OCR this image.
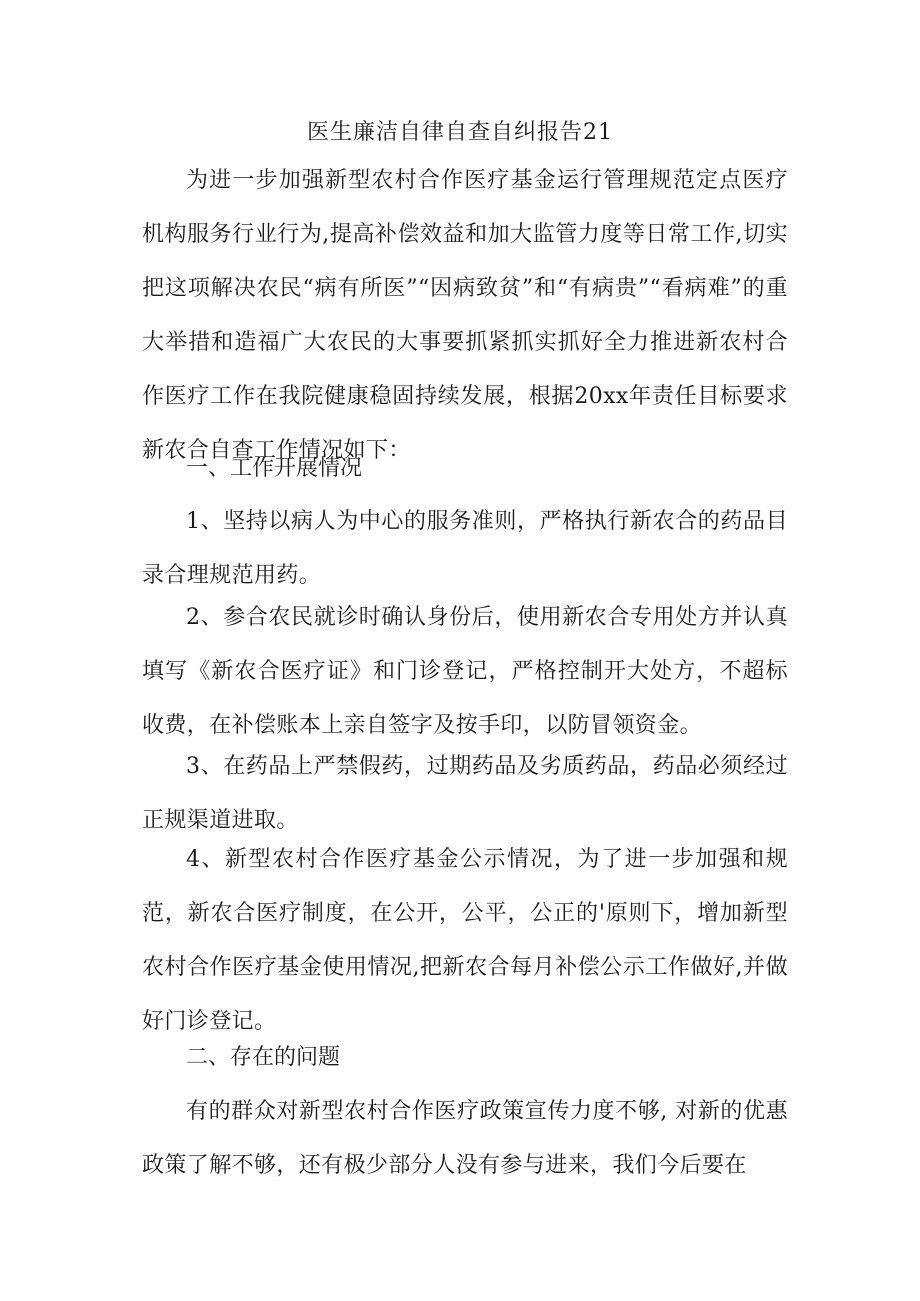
医生廉洁自律自查自纠报告21

为进一步加强新型农村合作医疗基金运行管理规范定点医疗机构服务行业行为,提高补偿效益和加大监管力度等日常工作,切实把这项解决农民“病有所医”“因病致贫”和“有病贵”“看病难”的重大举措和造福广大农民的大事要抓紧抓实抓好全力推进新农村合作医疗工作在我院健康稳固持续发展，根据20xx年责任目标要求新农合自查工作情况如下：

一、工作开展情况

1、坚持以病人为中心的服务准则，严格执行新农合的药品目录合理规范用药。

2、参合农民就诊时确认身份后，使用新农合专用处方并认真填写《新农合医疗证》和门诊登记，严格控制开大处方，不超标收费，在补偿账本上亲自签字及按手印，以防冒领资金。

3、在药品上严禁假药，过期药品及劣质药品，药品必须经过正规渠道进取。

4、新型农村合作医疗基金公示情况，为了进一步加强和规范，新农合医疗制度，在公开，公平，公正的'原则下，增加新型农村合作医疗基金使用情况,把新农合每月补偿公示工作做好,并做好门诊登记。

二、存在的问题

有的群众对新型农村合作医疗政策宣传力度不够, 对新的优惠政策了解不够，还有极少部分人没有参与进来，我们今后要在
